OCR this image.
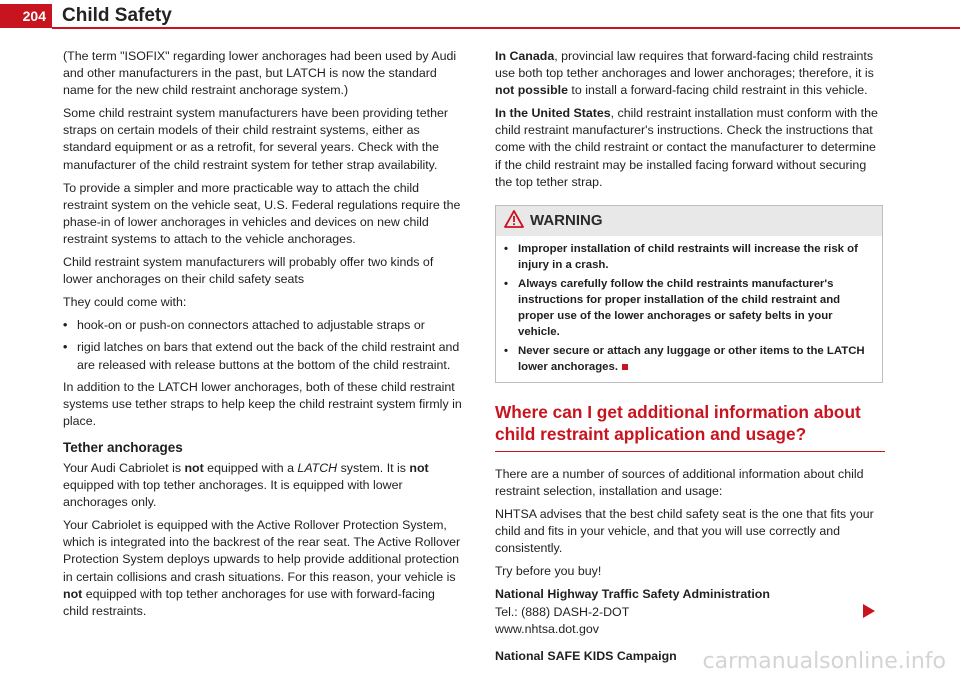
204 Child Safety

(The term "ISOFIX" regarding lower anchorages had been used by Audi and other manufacturers in the past, but LATCH is now the standard name for the new child restraint anchorage system.)

Some child restraint system manufacturers have been providing tether straps on certain models of their child restraint systems, either as standard equipment or as a retrofit, for several years. Check with the manufacturer of the child restraint system for tether strap availability.

To provide a simpler and more practicable way to attach the child restraint system on the vehicle seat, U.S. Federal regulations require the phase-in of lower anchorages in vehicles and devices on new child restraint systems to attach to the vehicle anchorages.

Child restraint system manufacturers will probably offer two kinds of lower anchorages on their child safety seats

They could come with:

• hook-on or push-on connectors attached to adjustable straps or
• rigid latches on bars that extend out the back of the child restraint and are released with release buttons at the bottom of the child restraint.

In addition to the LATCH lower anchorages, both of these child restraint systems use tether straps to help keep the child restraint system firmly in place.

Tether anchorages

Your Audi Cabriolet is not equipped with a LATCH system. It is not equipped with top tether anchorages. It is equipped with lower anchorages only.

Your Cabriolet is equipped with the Active Rollover Protection System, which is integrated into the backrest of the rear seat. The Active Rollover Protection System deploys upwards to help provide additional protection in certain collisions and crash situations. For this reason, your vehicle is not equipped with top tether anchorages for use with forward-facing child restraints.

In Canada, provincial law requires that forward-facing child restraints use both top tether anchorages and lower anchorages; therefore, it is not possible to install a forward-facing child restraint in this vehicle.

In the United States, child restraint installation must conform with the child restraint manufacturer's instructions. Check the instructions that come with the child restraint or contact the manufacturer to determine if the child restraint may be installed facing forward without securing the top tether strap.

WARNING
• Improper installation of child restraints will increase the risk of injury in a crash.
• Always carefully follow the child restraints manufacturer's instructions for proper installation of the child restraint and proper use of the lower anchorages or safety belts in your vehicle.
• Never secure or attach any luggage or other items to the LATCH lower anchorages.
Where can I get additional information about child restraint application and usage?

There are a number of sources of additional information about child restraint selection, installation and usage:

NHTSA advises that the best child safety seat is the one that fits your child and fits in your vehicle, and that you will use correctly and consistently.

Try before you buy!

National Highway Traffic Safety Administration
Tel.: (888) DASH-2-DOT
www.nhtsa.dot.gov

National SAFE KIDS Campaign	carmanualsonline.info
